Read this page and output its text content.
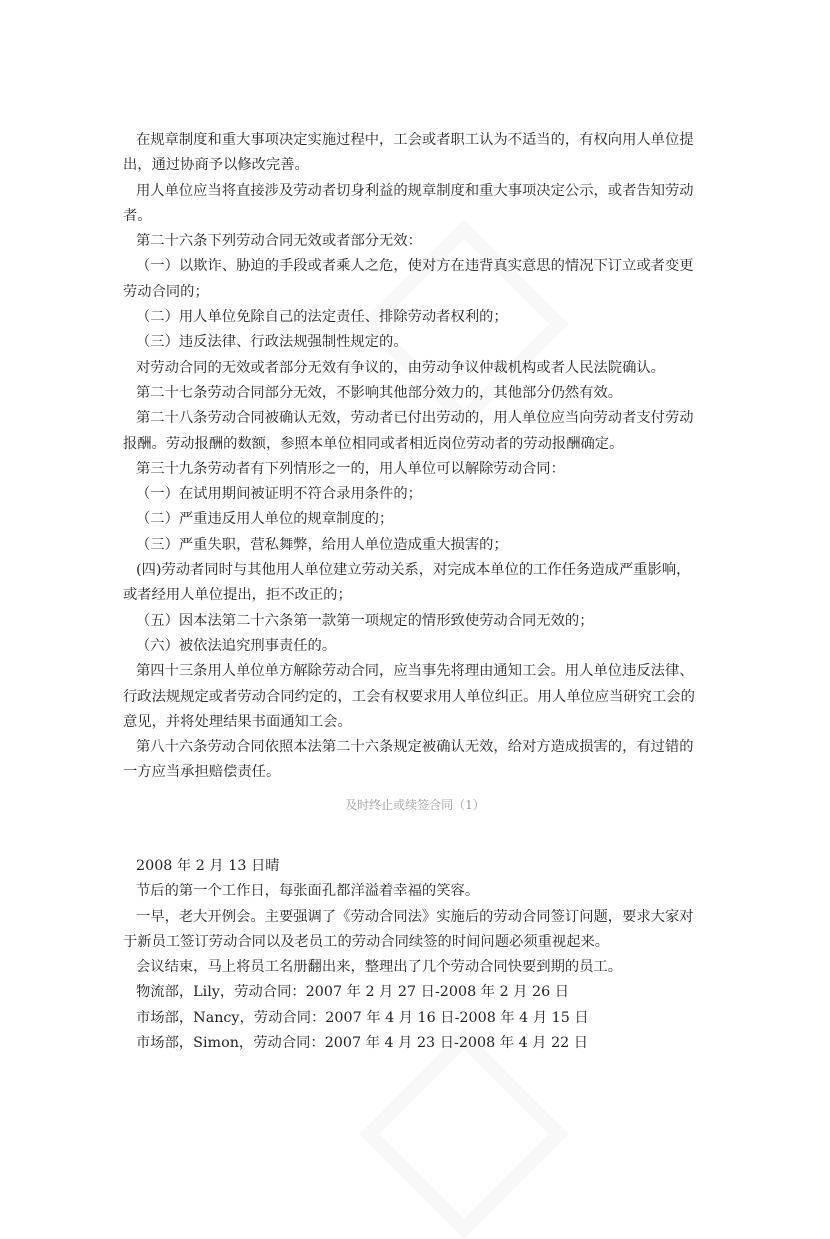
在规章制度和重大事项决定实施过程中，工会或者职工认为不适当的，有权向用人单位提
出，通过协商予以修改完善。
用人单位应当将直接涉及劳动者切身利益的规章制度和重大事项决定公示，或者告知劳动
者。
第二十六条下列劳动合同无效或者部分无效：
（一）以欺诈、胁迫的手段或者乘人之危，使对方在违背真实意思的情况下订立或者变更
劳动合同的；
（二）用人单位免除自己的法定责任、排除劳动者权利的；
（三）违反法律、行政法规强制性规定的。
对劳动合同的无效或者部分无效有争议的，由劳动争议仲裁机构或者人民法院确认。
第二十七条劳动合同部分无效，不影响其他部分效力的，其他部分仍然有效。
第二十八条劳动合同被确认无效，劳动者已付出劳动的，用人单位应当向劳动者支付劳动
报酬。劳动报酬的数额，参照本单位相同或者相近岗位劳动者的劳动报酬确定。
第三十九条劳动者有下列情形之一的，用人单位可以解除劳动合同：
（一）在试用期间被证明不符合录用条件的；
（二）严重违反用人单位的规章制度的；
（三）严重失职，营私舞弊，给用人单位造成重大损害的；
(四)劳动者同时与其他用人单位建立劳动关系，对完成本单位的工作任务造成严重影响，
或者经用人单位提出，拒不改正的；
（五）因本法第二十六条第一款第一项规定的情形致使劳动合同无效的；
（六）被依法追究刑事责任的。
第四十三条用人单位单方解除劳动合同，应当事先将理由通知工会。用人单位违反法律、
行政法规规定或者劳动合同约定的，工会有权要求用人单位纠正。用人单位应当研究工会的
意见，并将处理结果书面通知工会。
第八十六条劳动合同依照本法第二十六条规定被确认无效，给对方造成损害的，有过错的
一方应当承担赔偿责任。
及时终止或续签合同（1）
2008 年 2 月 13 日晴
节后的第一个工作日，每张面孔都洋溢着幸福的笑容。
一早，老大开例会。主要强调了《劳动合同法》实施后的劳动合同签订问题，要求大家对
于新员工签订劳动合同以及老员工的劳动合同续签的时间问题必须重视起来。
会议结束，马上将员工名册翻出来，整理出了几个劳动合同快要到期的员工。
物流部，Lily，劳动合同：2007 年 2 月 27 日-2008 年 2 月 26 日
市场部，Nancy，劳动合同：2007 年 4 月 16 日-2008 年 4 月 15 日
市场部，Simon，劳动合同：2007 年 4 月 23 日-2008 年 4 月 22 日
